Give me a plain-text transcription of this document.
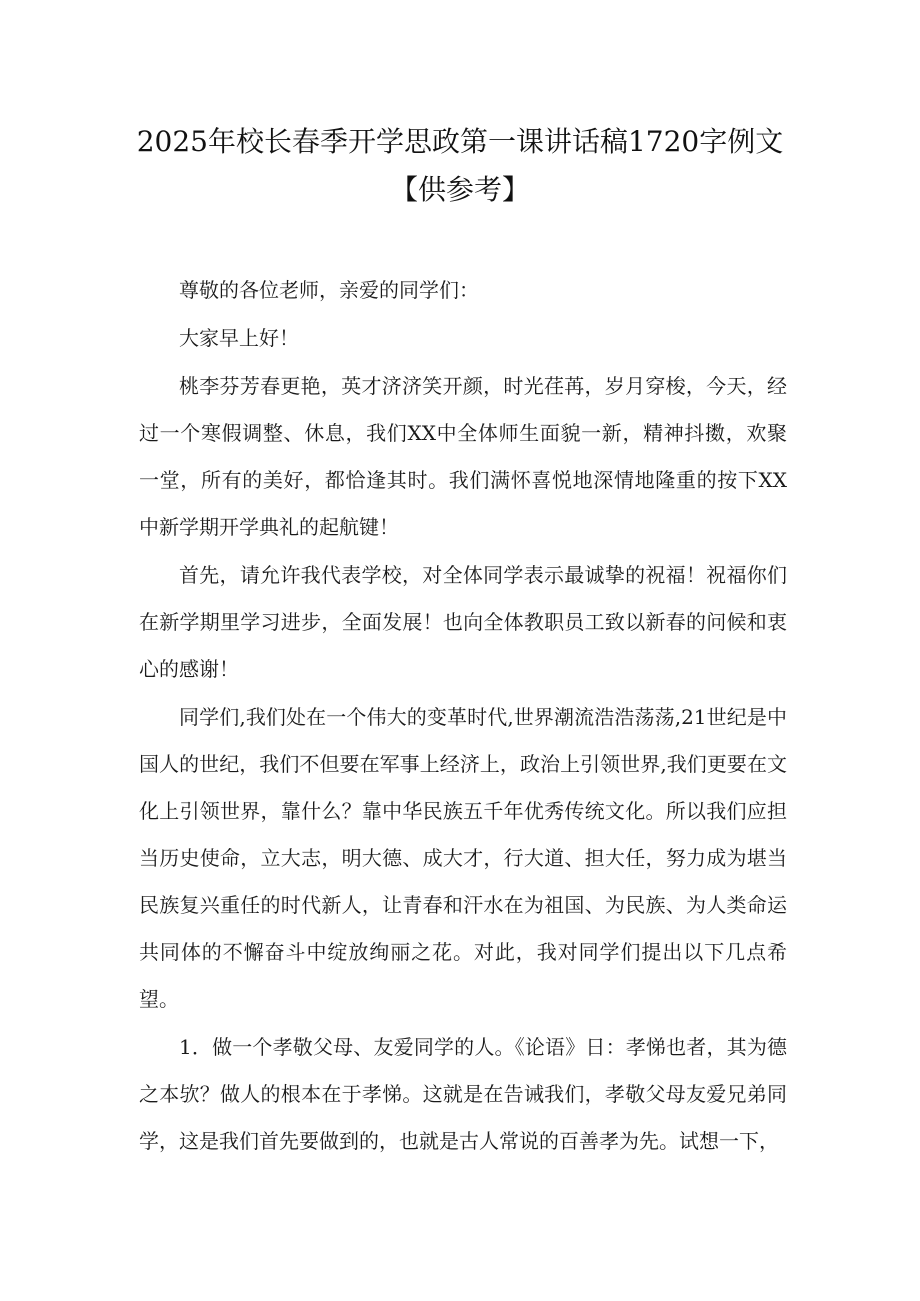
2025年校长春季开学思政第一课讲话稿1720字例文
【供参考】

尊敬的各位老师，亲爱的同学们：

大家早上好！

桃李芬芳春更艳，英才济济笑开颜，时光荏苒，岁月穿梭，今天，经过一个寒假调整、休息，我们XX中全体师生面貌一新，精神抖擞，欢聚一堂，所有的美好，都恰逢其时。我们满怀喜悦地深情地隆重的按下XX中新学期开学典礼的起航键！

首先，请允许我代表学校，对全体同学表示最诚挚的祝福！祝福你们在新学期里学习进步，全面发展！也向全体教职员工致以新春的问候和衷心的感谢！

同学们,我们处在一个伟大的变革时代,世界潮流浩浩荡荡,21世纪是中国人的世纪，我们不但要在军事上经济上，政治上引领世界,我们更要在文化上引领世界，靠什么？靠中华民族五千年优秀传统文化。所以我们应担当历史使命，立大志，明大德、成大才，行大道、担大任，努力成为堪当民族复兴重任的时代新人，让青春和汗水在为祖国、为民族、为人类命运共同体的不懈奋斗中绽放绚丽之花。对此，我对同学们提出以下几点希望。

1．做一个孝敬父母、友爱同学的人。《论语》日：孝悌也者，其为德之本欤？做人的根本在于孝悌。这就是在告诫我们，孝敬父母友爱兄弟同学，这是我们首先要做到的，也就是古人常说的百善孝为先。试想一下，
